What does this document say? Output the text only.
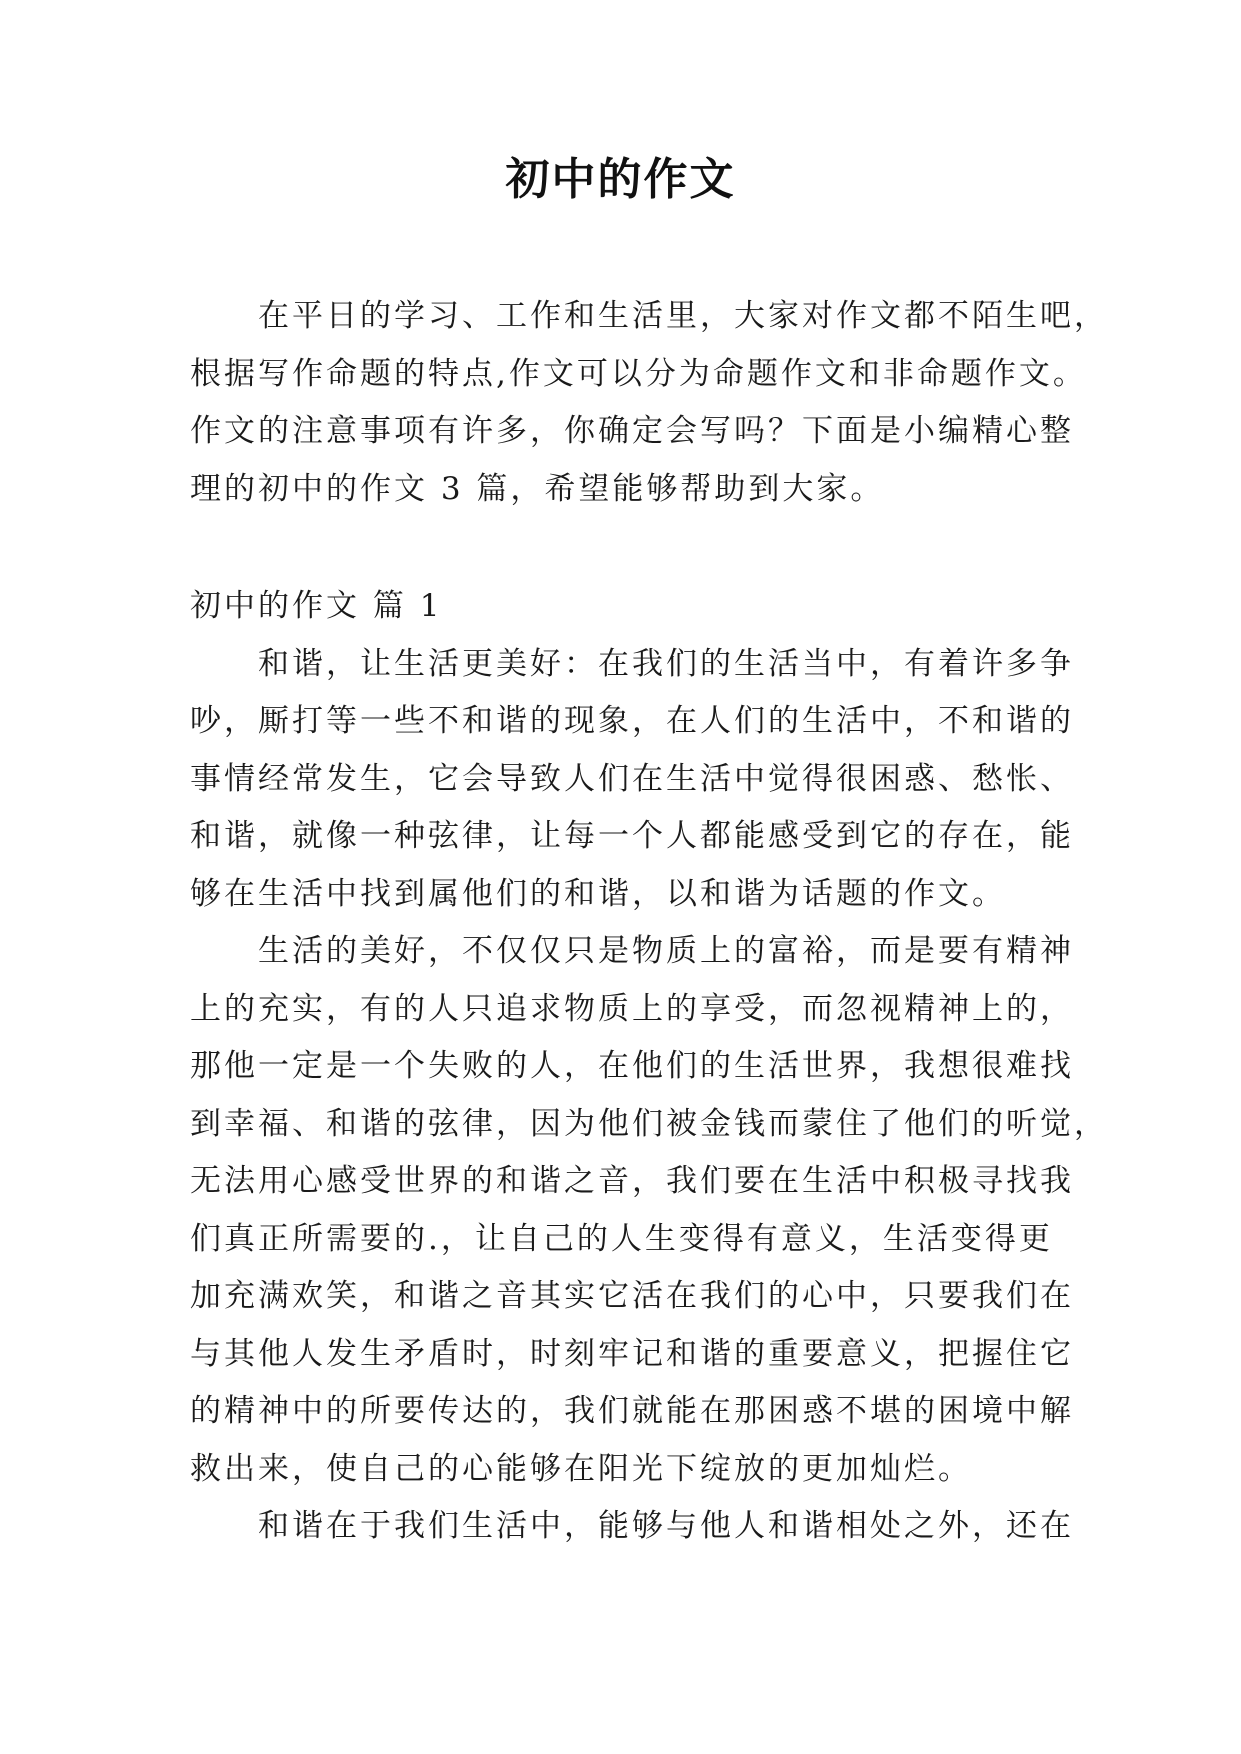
初中的作文
　　在平日的学习、工作和生活里，大家对作文都不陌生吧，
根据写作命题的特点,作文可以分为命题作文和非命题作文。
作文的注意事项有许多，你确定会写吗？下面是小编精心整
理的初中的作文 3 篇，希望能够帮助到大家。
初中的作文 篇 1
　　和谐，让生活更美好：在我们的生活当中，有着许多争
吵，厮打等一些不和谐的现象，在人们的生活中，不和谐的
事情经常发生，它会导致人们在生活中觉得很困惑、愁怅、
和谐，就像一种弦律，让每一个人都能感受到它的存在，能
够在生活中找到属他们的和谐，以和谐为话题的作文。
　　生活的美好，不仅仅只是物质上的富裕，而是要有精神
上的充实，有的人只追求物质上的享受，而忽视精神上的，
那他一定是一个失败的人，在他们的生活世界，我想很难找
到幸福、和谐的弦律，因为他们被金钱而蒙住了他们的听觉，
无法用心感受世界的和谐之音，我们要在生活中积极寻找我
们真正所需要的.，让自己的人生变得有意义，生活变得更
加充满欢笑，和谐之音其实它活在我们的心中，只要我们在
与其他人发生矛盾时，时刻牢记和谐的重要意义，把握住它
的精神中的所要传达的，我们就能在那困惑不堪的困境中解
救出来，使自己的心能够在阳光下绽放的更加灿烂。
　　和谐在于我们生活中，能够与他人和谐相处之外，还在
